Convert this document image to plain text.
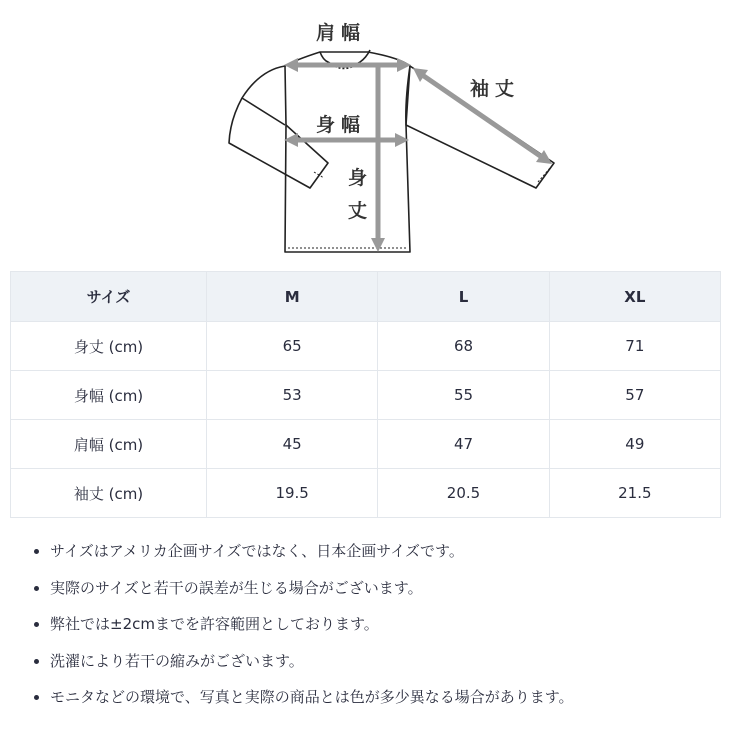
肩幅
袖丈
身幅
身
丈
サイズ	M	L	XL
身丈 (cm)	65	68	71
身幅 (cm)	53	55	57
肩幅 (cm)	45	47	49
袖丈 (cm)	19.5	20.5	21.5
サイズはアメリカ企画サイズではなく、日本企画サイズです。
実際のサイズと若干の誤差が生じる場合がございます。
弊社では±2cmまでを許容範囲としております。
洗濯により若干の縮みがございます。
モニタなどの環境で、写真と実際の商品とは色が多少異なる場合があります。
